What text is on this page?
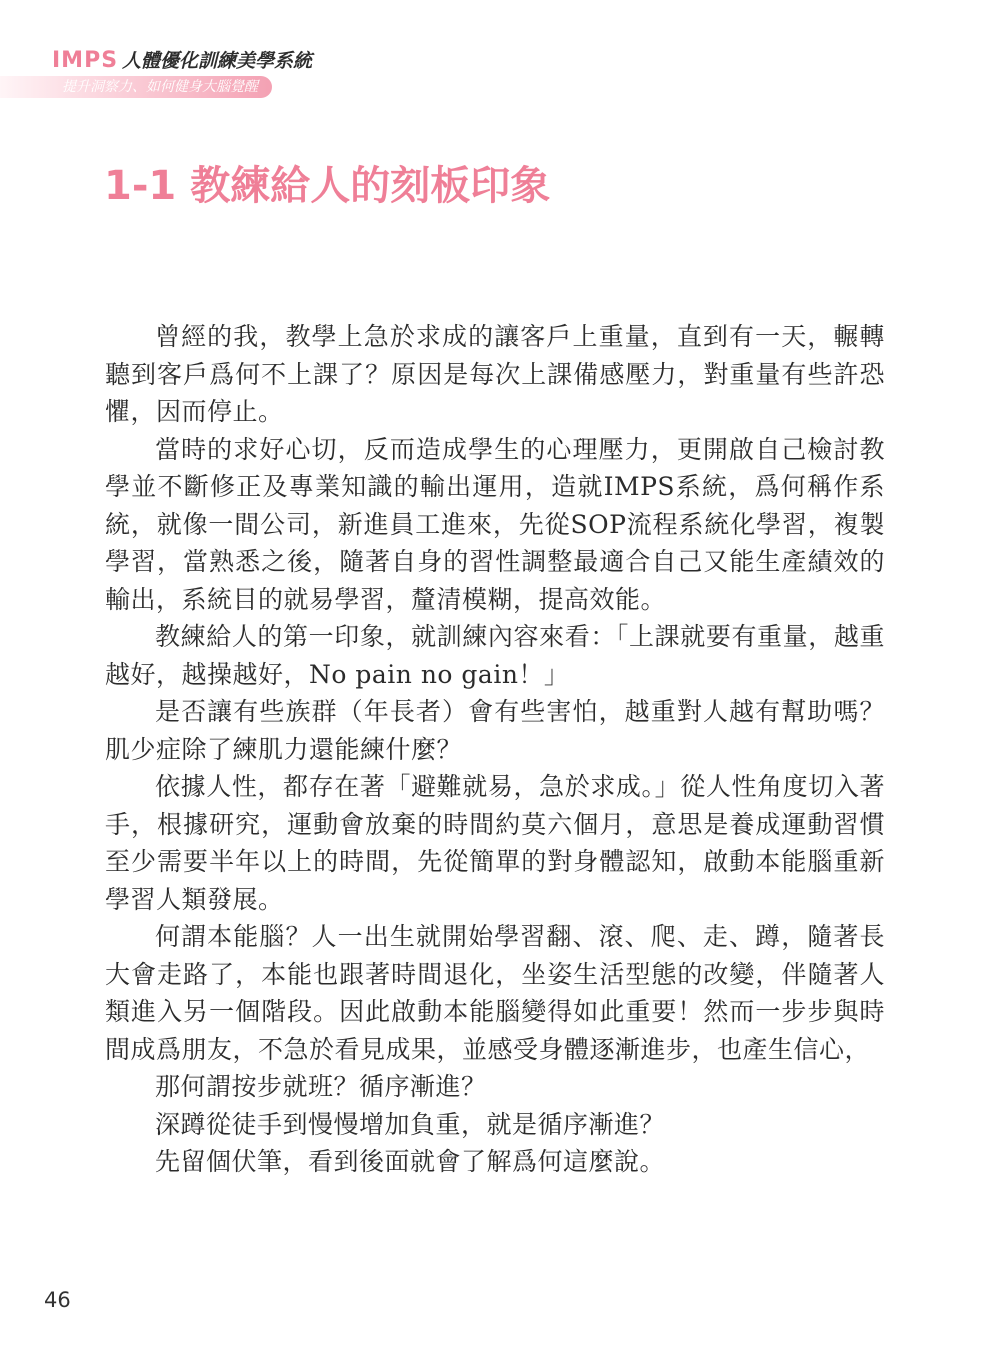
IMPS 人體優化訓練美學系統
提升洞察力、如何健身大腦覺醒
1-1 教練給人的刻板印象

曾經的我，教學上急於求成的讓客戶上重量，直到有一天，輾轉聽到客戶爲何不上課了？原因是每次上課備感壓力，對重量有些許恐懼，因而停止。

當時的求好心切，反而造成學生的心理壓力，更開啟自己檢討教學並不斷修正及專業知識的輸出運用，造就IMPS系統，爲何稱作系統，就像一間公司，新進員工進來，先從SOP流程系統化學習，複製學習，當熟悉之後，隨著自身的習性調整最適合自己又能生產績效的輸出，系統目的就易學習，釐清模糊，提高效能。

教練給人的第一印象，就訓練內容來看：「上課就要有重量，越重越好，越操越好，No pain no gain！」

是否讓有些族群（年長者）會有些害怕，越重對人越有幫助嗎？肌少症除了練肌力還能練什麼？

依據人性，都存在著「避難就易，急於求成。」從人性角度切入著手，根據研究，運動會放棄的時間約莫六個月，意思是養成運動習慣至少需要半年以上的時間，先從簡單的對身體認知，啟動本能腦重新學習人類發展。

何謂本能腦？人一出生就開始學習翻、滾、爬、走、蹲，隨著長大會走路了，本能也跟著時間退化，坐姿生活型態的改變，伴隨著人類進入另一個階段。因此啟動本能腦變得如此重要！然而一步步與時間成爲朋友，不急於看見成果，並感受身體逐漸進步，也產生信心，

那何謂按步就班？循序漸進？

深蹲從徒手到慢慢增加負重，就是循序漸進？

先留個伏筆，看到後面就會了解爲何這麼說。

46
